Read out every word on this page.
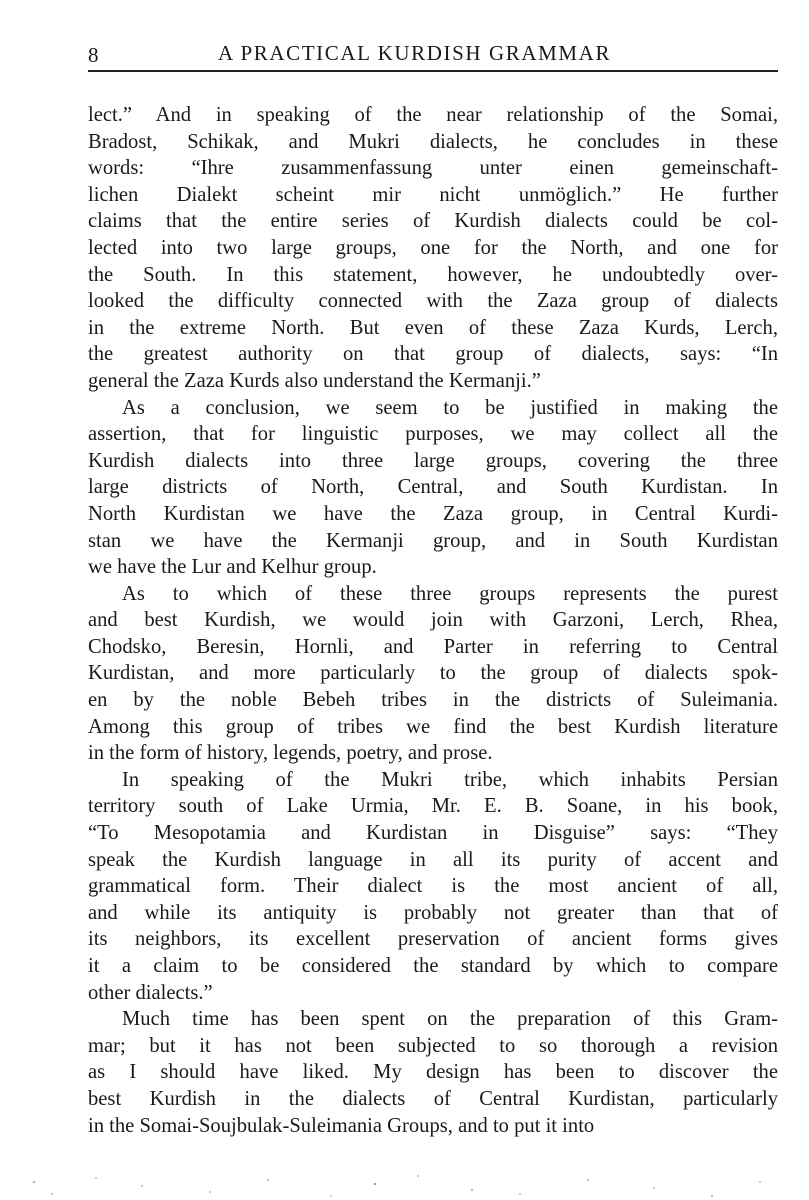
8	A PRACTICAL KURDISH GRAMMAR
lect.” And in speaking of the near relationship of the Somai,
Bradost, Schikak, and Mukri dialects, he concludes in these
words: “Ihre zusammenfassung unter einen gemeinschaft-
lichen Dialekt scheint mir nicht unmöglich.” He further
claims that the entire series of Kurdish dialects could be col-
lected into two large groups, one for the North, and one for
the South. In this statement, however, he undoubtedly over-
looked the difficulty connected with the Zaza group of dialects
in the extreme North. But even of these Zaza Kurds, Lerch,
the greatest authority on that group of dialects, says: “In
general the Zaza Kurds also understand the Kermanji.”
As a conclusion, we seem to be justified in making the
assertion, that for linguistic purposes, we may collect all the
Kurdish dialects into three large groups, covering the three
large districts of North, Central, and South Kurdistan. In
North Kurdistan we have the Zaza group, in Central Kurdi-
stan we have the Kermanji group, and in South Kurdistan
we have the Lur and Kelhur group.
As to which of these three groups represents the purest
and best Kurdish, we would join with Garzoni, Lerch, Rhea,
Chodsko, Beresin, Hornli, and Parter in referring to Central
Kurdistan, and more particularly to the group of dialects spok-
en by the noble Bebeh tribes in the districts of Suleimania.
Among this group of tribes we find the best Kurdish literature
in the form of history, legends, poetry, and prose.
In speaking of the Mukri tribe, which inhabits Persian
territory south of Lake Urmia, Mr. E. B. Soane, in his book,
“To Mesopotamia and Kurdistan in Disguise” says: “They
speak the Kurdish language in all its purity of accent and
grammatical form. Their dialect is the most ancient of all,
and while its antiquity is probably not greater than that of
its neighbors, its excellent preservation of ancient forms gives
it a claim to be considered the standard by which to compare
other dialects.”
Much time has been spent on the preparation of this Gram-
mar; but it has not been subjected to so thorough a revision
as I should have liked. My design has been to discover the
best Kurdish in the dialects of Central Kurdistan, particularly
in the Somai-Soujbulak-Suleimania Groups, and to put it into
